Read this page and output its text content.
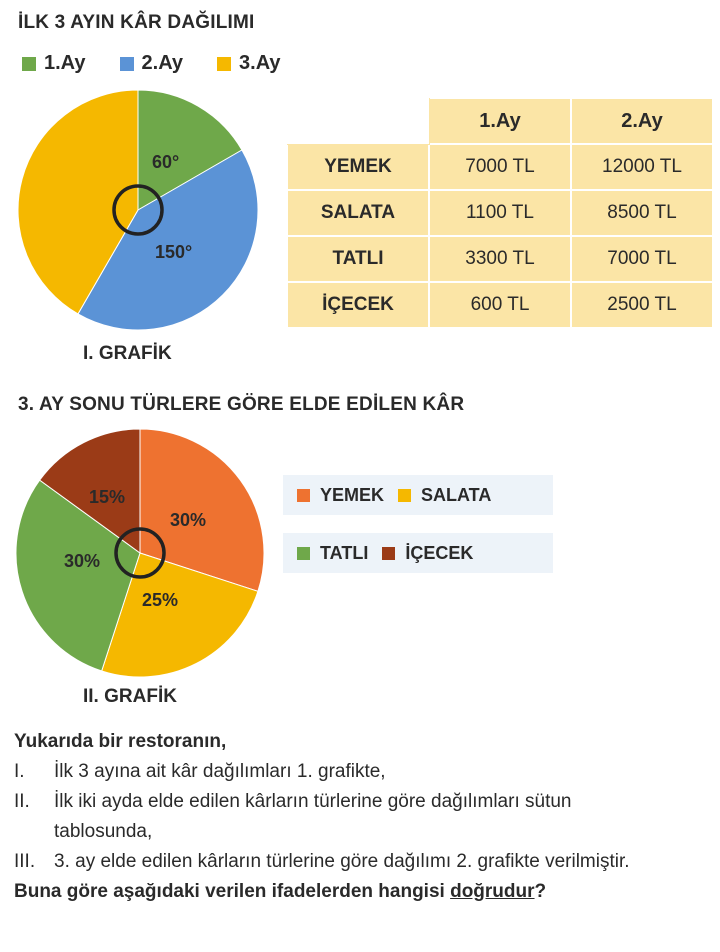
İLK 3 AYIN KÂR DAĞILIMI
1.Ay	2.Ay	3.Ay
60°
150°
I. GRAFİK
	1.Ay	2.Ay
YEMEK	7000 TL	12000 TL
SALATA	1100 TL	8500 TL
TATLI	3300 TL	7000 TL
İÇECEK	600 TL	2500 TL
3. AY SONU TÜRLERE GÖRE ELDE EDİLEN KÂR
30%
25%
30%
15%	YEMEK SALATA
TATLI İÇECEK
II. GRAFİK
Yukarıda bir restoranın,
I.	İlk 3 ayına ait kâr dağılımları 1. grafikte,
II.	İlk iki ayda elde edilen kârların türlerine göre dağılımları sütun tablosunda,
III. 3. ay elde edilen kârların türlerine göre dağılımı 2. grafikte verilmiştir.
Buna göre aşağıdaki verilen ifadelerden hangisi doğrudur?
